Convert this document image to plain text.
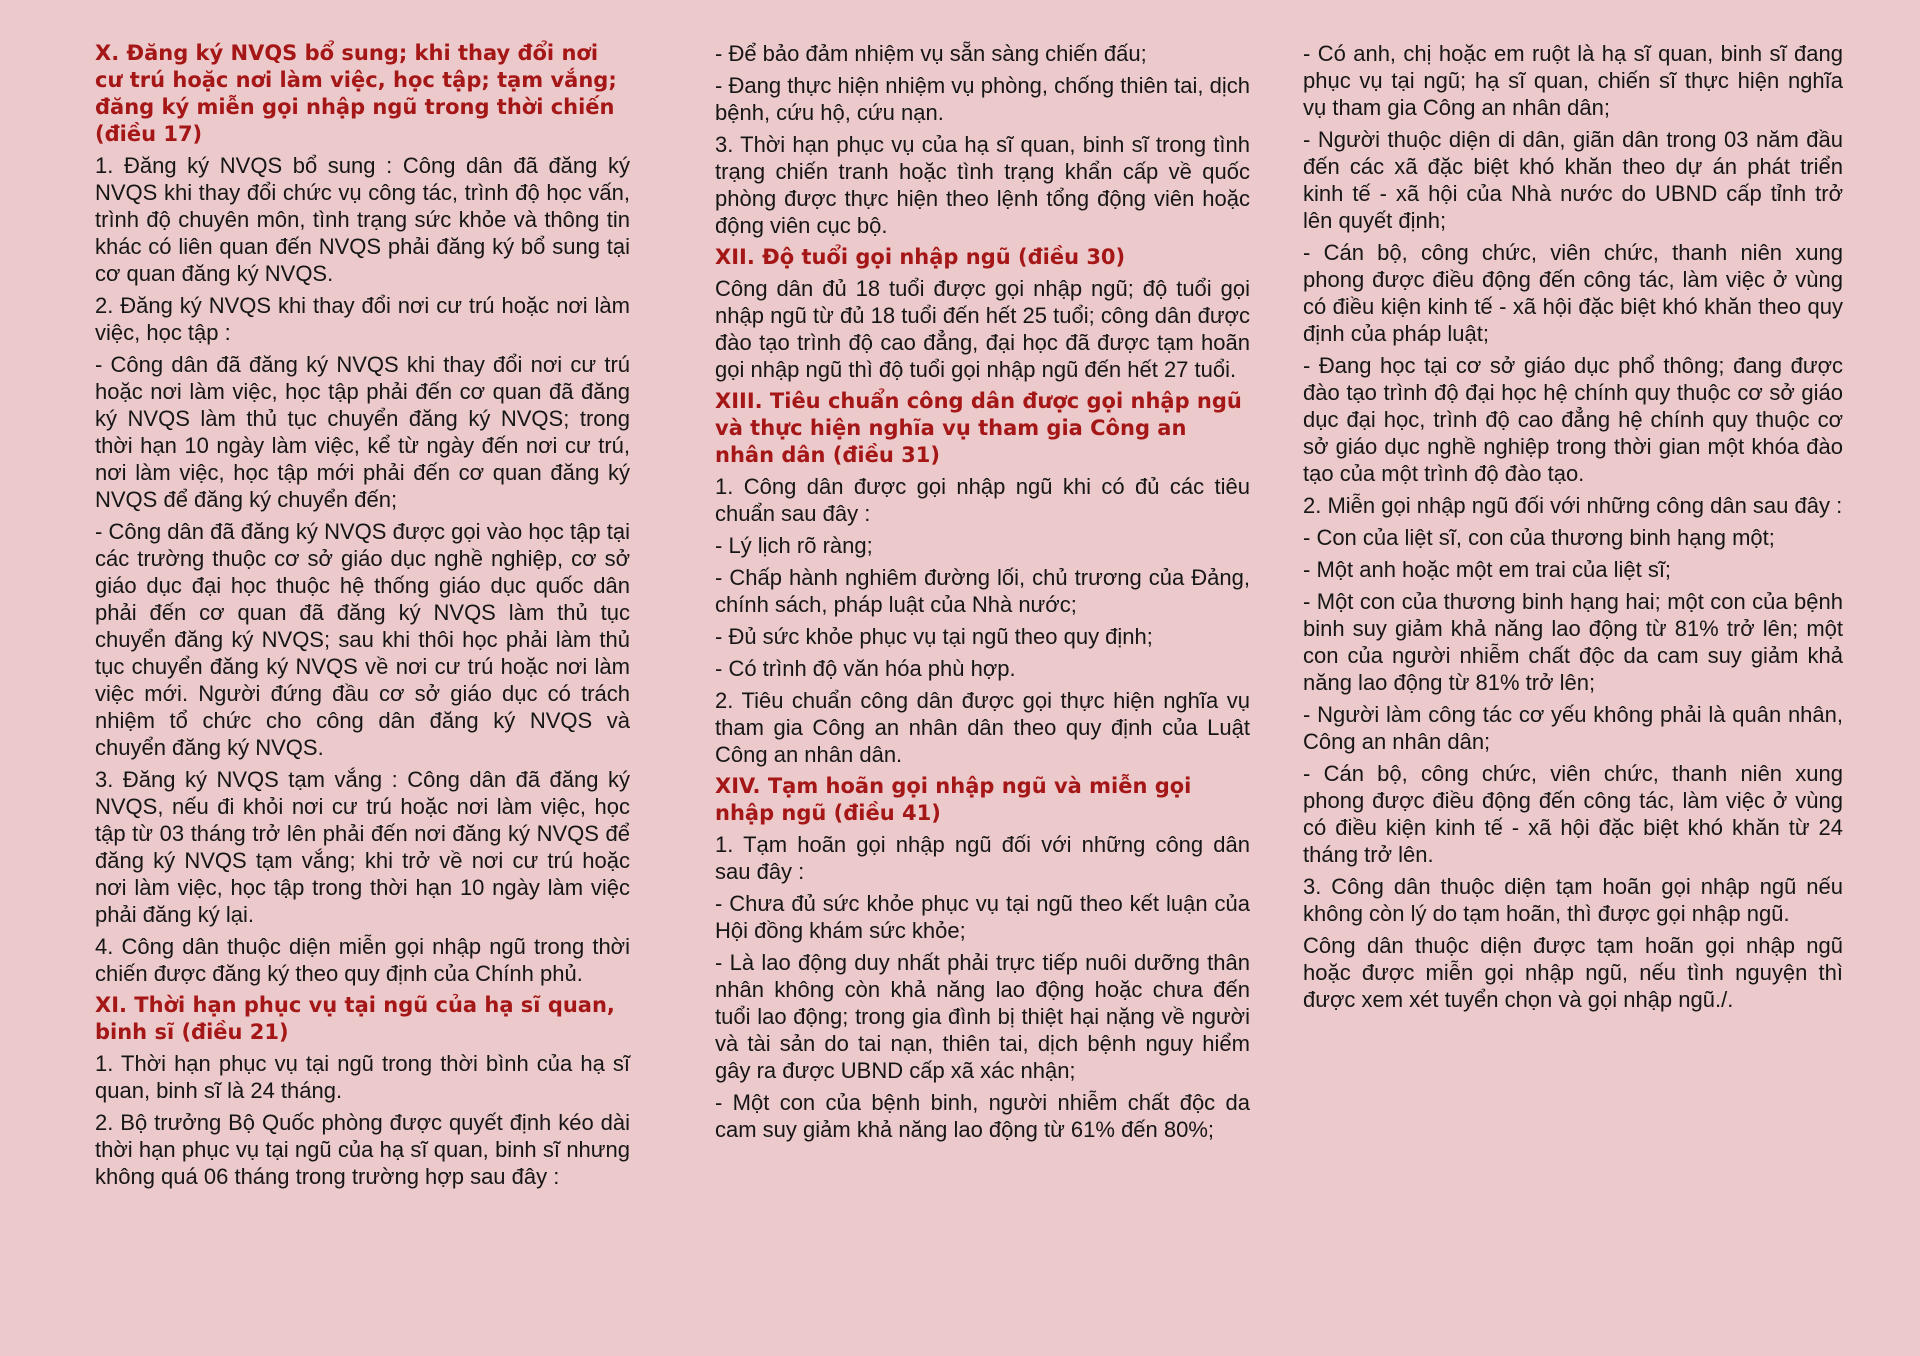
X. Đăng ký NVQS bổ sung; khi thay đổi nơi cư trú hoặc nơi làm việc, học tập; tạm vắng; đăng ký miễn gọi nhập ngũ trong thời chiến (điều 17)

1. Đăng ký NVQS bổ sung : Công dân đã đăng ký NVQS khi thay đổi chức vụ công tác, trình độ học vấn, trình độ chuyên môn, tình trạng sức khỏe và thông tin khác có liên quan đến NVQS phải đăng ký bổ sung tại cơ quan đăng ký NVQS.

2. Đăng ký NVQS khi thay đổi nơi cư trú hoặc nơi làm việc, học tập :

- Công dân đã đăng ký NVQS khi thay đổi nơi cư trú hoặc nơi làm việc, học tập phải đến cơ quan đã đăng ký NVQS làm thủ tục chuyển đăng ký NVQS; trong thời hạn 10 ngày làm việc, kể từ ngày đến nơi cư trú, nơi làm việc, học tập mới phải đến cơ quan đăng ký NVQS để đăng ký chuyển đến;

- Công dân đã đăng ký NVQS được gọi vào học tập tại các trường thuộc cơ sở giáo dục nghề nghiệp, cơ sở giáo dục đại học thuộc hệ thống giáo dục quốc dân phải đến cơ quan đã đăng ký NVQS làm thủ tục chuyển đăng ký NVQS; sau khi thôi học phải làm thủ tục chuyển đăng ký NVQS về nơi cư trú hoặc nơi làm việc mới. Người đứng đầu cơ sở giáo dục có trách nhiệm tổ chức cho công dân đăng ký NVQS và chuyển đăng ký NVQS.

3. Đăng ký NVQS tạm vắng : Công dân đã đăng ký NVQS, nếu đi khỏi nơi cư trú hoặc nơi làm việc, học tập từ 03 tháng trở lên phải đến nơi đăng ký NVQS để đăng ký NVQS tạm vắng; khi trở về nơi cư trú hoặc nơi làm việc, học tập trong thời hạn 10 ngày làm việc phải đăng ký lại.

4. Công dân thuộc diện miễn gọi nhập ngũ trong thời chiến được đăng ký theo quy định của Chính phủ.

XI. Thời hạn phục vụ tại ngũ của hạ sĩ quan, binh sĩ (điều 21)

1. Thời hạn phục vụ tại ngũ trong thời bình của hạ sĩ quan, binh sĩ là 24 tháng.

2. Bộ trưởng Bộ Quốc phòng được quyết định kéo dài thời hạn phục vụ tại ngũ của hạ sĩ quan, binh sĩ nhưng không quá 06 tháng trong trường hợp sau đây :

- Để bảo đảm nhiệm vụ sẵn sàng chiến đấu;

- Đang thực hiện nhiệm vụ phòng, chống thiên tai, dịch bệnh, cứu hộ, cứu nạn.

3. Thời hạn phục vụ của hạ sĩ quan, binh sĩ trong tình trạng chiến tranh hoặc tình trạng khẩn cấp về quốc phòng được thực hiện theo lệnh tổng động viên hoặc động viên cục bộ.

XII. Độ tuổi gọi nhập ngũ (điều 30)

Công dân đủ 18 tuổi được gọi nhập ngũ; độ tuổi gọi nhập ngũ từ đủ 18 tuổi đến hết 25 tuổi; công dân được đào tạo trình độ cao đẳng, đại học đã được tạm hoãn gọi nhập ngũ thì độ tuổi gọi nhập ngũ đến hết 27 tuổi.

XIII. Tiêu chuẩn công dân được gọi nhập ngũ và thực hiện nghĩa vụ tham gia Công an nhân dân (điều 31)

1. Công dân được gọi nhập ngũ khi có đủ các tiêu chuẩn sau đây :

- Lý lịch rõ ràng;

- Chấp hành nghiêm đường lối, chủ trương của Đảng, chính sách, pháp luật của Nhà nước;

- Đủ sức khỏe phục vụ tại ngũ theo quy định;

- Có trình độ văn hóa phù hợp.

2. Tiêu chuẩn công dân được gọi thực hiện nghĩa vụ tham gia Công an nhân dân theo quy định của Luật Công an nhân dân.

XIV. Tạm hoãn gọi nhập ngũ và miễn gọi nhập ngũ (điều 41)

1. Tạm hoãn gọi nhập ngũ đối với những công dân sau đây :

- Chưa đủ sức khỏe phục vụ tại ngũ theo kết luận của Hội đồng khám sức khỏe;

- Là lao động duy nhất phải trực tiếp nuôi dưỡng thân nhân không còn khả năng lao động hoặc chưa đến tuổi lao động; trong gia đình bị thiệt hại nặng về người và tài sản do tai nạn, thiên tai, dịch bệnh nguy hiểm gây ra được UBND cấp xã xác nhận;

- Một con của bệnh binh, người nhiễm chất độc da cam suy giảm khả năng lao động từ 61% đến 80%;

- Có anh, chị hoặc em ruột là hạ sĩ quan, binh sĩ đang phục vụ tại ngũ; hạ sĩ quan, chiến sĩ thực hiện nghĩa vụ tham gia Công an nhân dân;

- Người thuộc diện di dân, giãn dân trong 03 năm đầu đến các xã đặc biệt khó khăn theo dự án phát triển kinh tế - xã hội của Nhà nước do UBND cấp tỉnh trở lên quyết định;

- Cán bộ, công chức, viên chức, thanh niên xung phong được điều động đến công tác, làm việc ở vùng có điều kiện kinh tế - xã hội đặc biệt khó khăn theo quy định của pháp luật;

- Đang học tại cơ sở giáo dục phổ thông; đang được đào tạo trình độ đại học hệ chính quy thuộc cơ sở giáo dục đại học, trình độ cao đẳng hệ chính quy thuộc cơ sở giáo dục nghề nghiệp trong thời gian một khóa đào tạo của một trình độ đào tạo.

2. Miễn gọi nhập ngũ đối với những công dân sau đây :

- Con của liệt sĩ, con của thương binh hạng một;

- Một anh hoặc một em trai của liệt sĩ;

- Một con của thương binh hạng hai; một con của bệnh binh suy giảm khả năng lao động từ 81% trở lên; một con của người nhiễm chất độc da cam suy giảm khả năng lao động từ 81% trở lên;

- Người làm công tác cơ yếu không phải là quân nhân, Công an nhân dân;

- Cán bộ, công chức, viên chức, thanh niên xung phong được điều động đến công tác, làm việc ở vùng có điều kiện kinh tế - xã hội đặc biệt khó khăn từ 24 tháng trở lên.

3. Công dân thuộc diện tạm hoãn gọi nhập ngũ nếu không còn lý do tạm hoãn, thì được gọi nhập ngũ.

Công dân thuộc diện được tạm hoãn gọi nhập ngũ hoặc được miễn gọi nhập ngũ, nếu tình nguyện thì được xem xét tuyển chọn và gọi nhập ngũ./.
